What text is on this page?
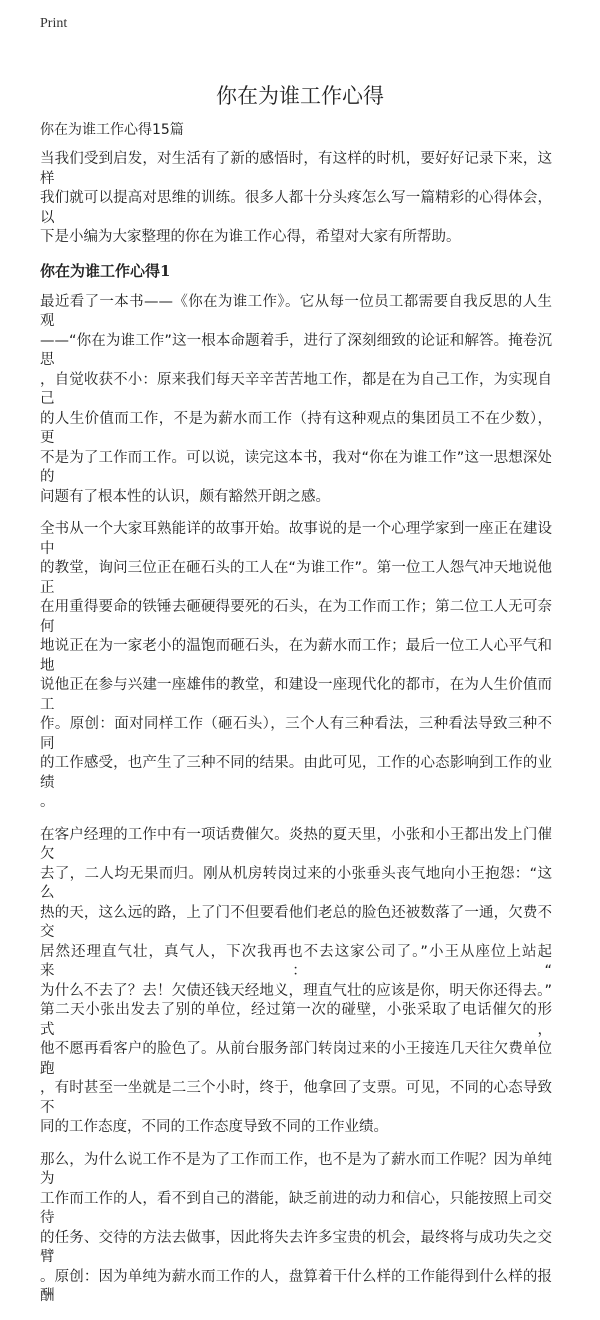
Print
你在为谁工作心得
你在为谁工作心得15篇
当我们受到启发，对生活有了新的感悟时，有这样的时机，要好好记录下来，这样
我们就可以提高对思维的训练。很多人都十分头疼怎么写一篇精彩的心得体会，以
下是小编为大家整理的你在为谁工作心得，希望对大家有所帮助。
你在为谁工作心得1
最近看了一本书——《你在为谁工作》。它从每一位员工都需要自我反思的人生观
——“你在为谁工作”这一根本命题着手，进行了深刻细致的论证和解答。掩卷沉思
，自觉收获不小：原来我们每天辛辛苦苦地工作，都是在为自己工作，为实现自己
的人生价值而工作，不是为薪水而工作（持有这种观点的集团员工不在少数），更
不是为了工作而工作。可以说，读完这本书，我对“你在为谁工作”这一思想深处的
问题有了根本性的认识，颇有豁然开朗之感。
全书从一个大家耳熟能详的故事开始。故事说的是一个心理学家到一座正在建设中
的教堂，询问三位正在砸石头的工人在“为谁工作”。第一位工人怨气冲天地说他正
在用重得要命的铁锤去砸硬得要死的石头，在为工作而工作；第二位工人无可奈何
地说正在为一家老小的温饱而砸石头，在为薪水而工作；最后一位工人心平气和地
说他正在参与兴建一座雄伟的教堂，和建设一座现代化的都市，在为人生价值而工
作。原创：面对同样工作（砸石头），三个人有三种看法，三种看法导致三种不同
的工作感受，也产生了三种不同的结果。由此可见，工作的心态影响到工作的业绩
。
在客户经理的工作中有一项话费催欠。炎热的夏天里，小张和小王都出发上门催欠
去了，二人均无果而归。刚从机房转岗过来的小张垂头丧气地向小王抱怨：“这么
热的天，这么远的路，上了门不但要看他们老总的脸色还被数落了一通，欠费不交
居然还理直气壮，真气人，下次我再也不去这家公司了。”小王从座位上站起来：“
为什么不去了？去！欠债还钱天经地义，理直气壮的应该是你，明天你还得去。”
第二天小张出发去了别的单位，经过第一次的碰壁，小张采取了电话催欠的形式，
他不愿再看客户的脸色了。从前台服务部门转岗过来的小王接连几天往欠费单位跑
，有时甚至一坐就是二三个小时，终于，他拿回了支票。可见，不同的心态导致不
同的工作态度，不同的工作态度导致不同的工作业绩。
那么，为什么说工作不是为了工作而工作，也不是为了薪水而工作呢？因为单纯为
工作而工作的人，看不到自己的潜能，缺乏前进的动力和信心，只能按照上司交待
的任务、交待的方法去做事，因此将失去许多宝贵的机会，最终将与成功失之交臂
。原创：因为单纯为薪水而工作的人，盘算着干什么样的工作能得到什么样的报酬
